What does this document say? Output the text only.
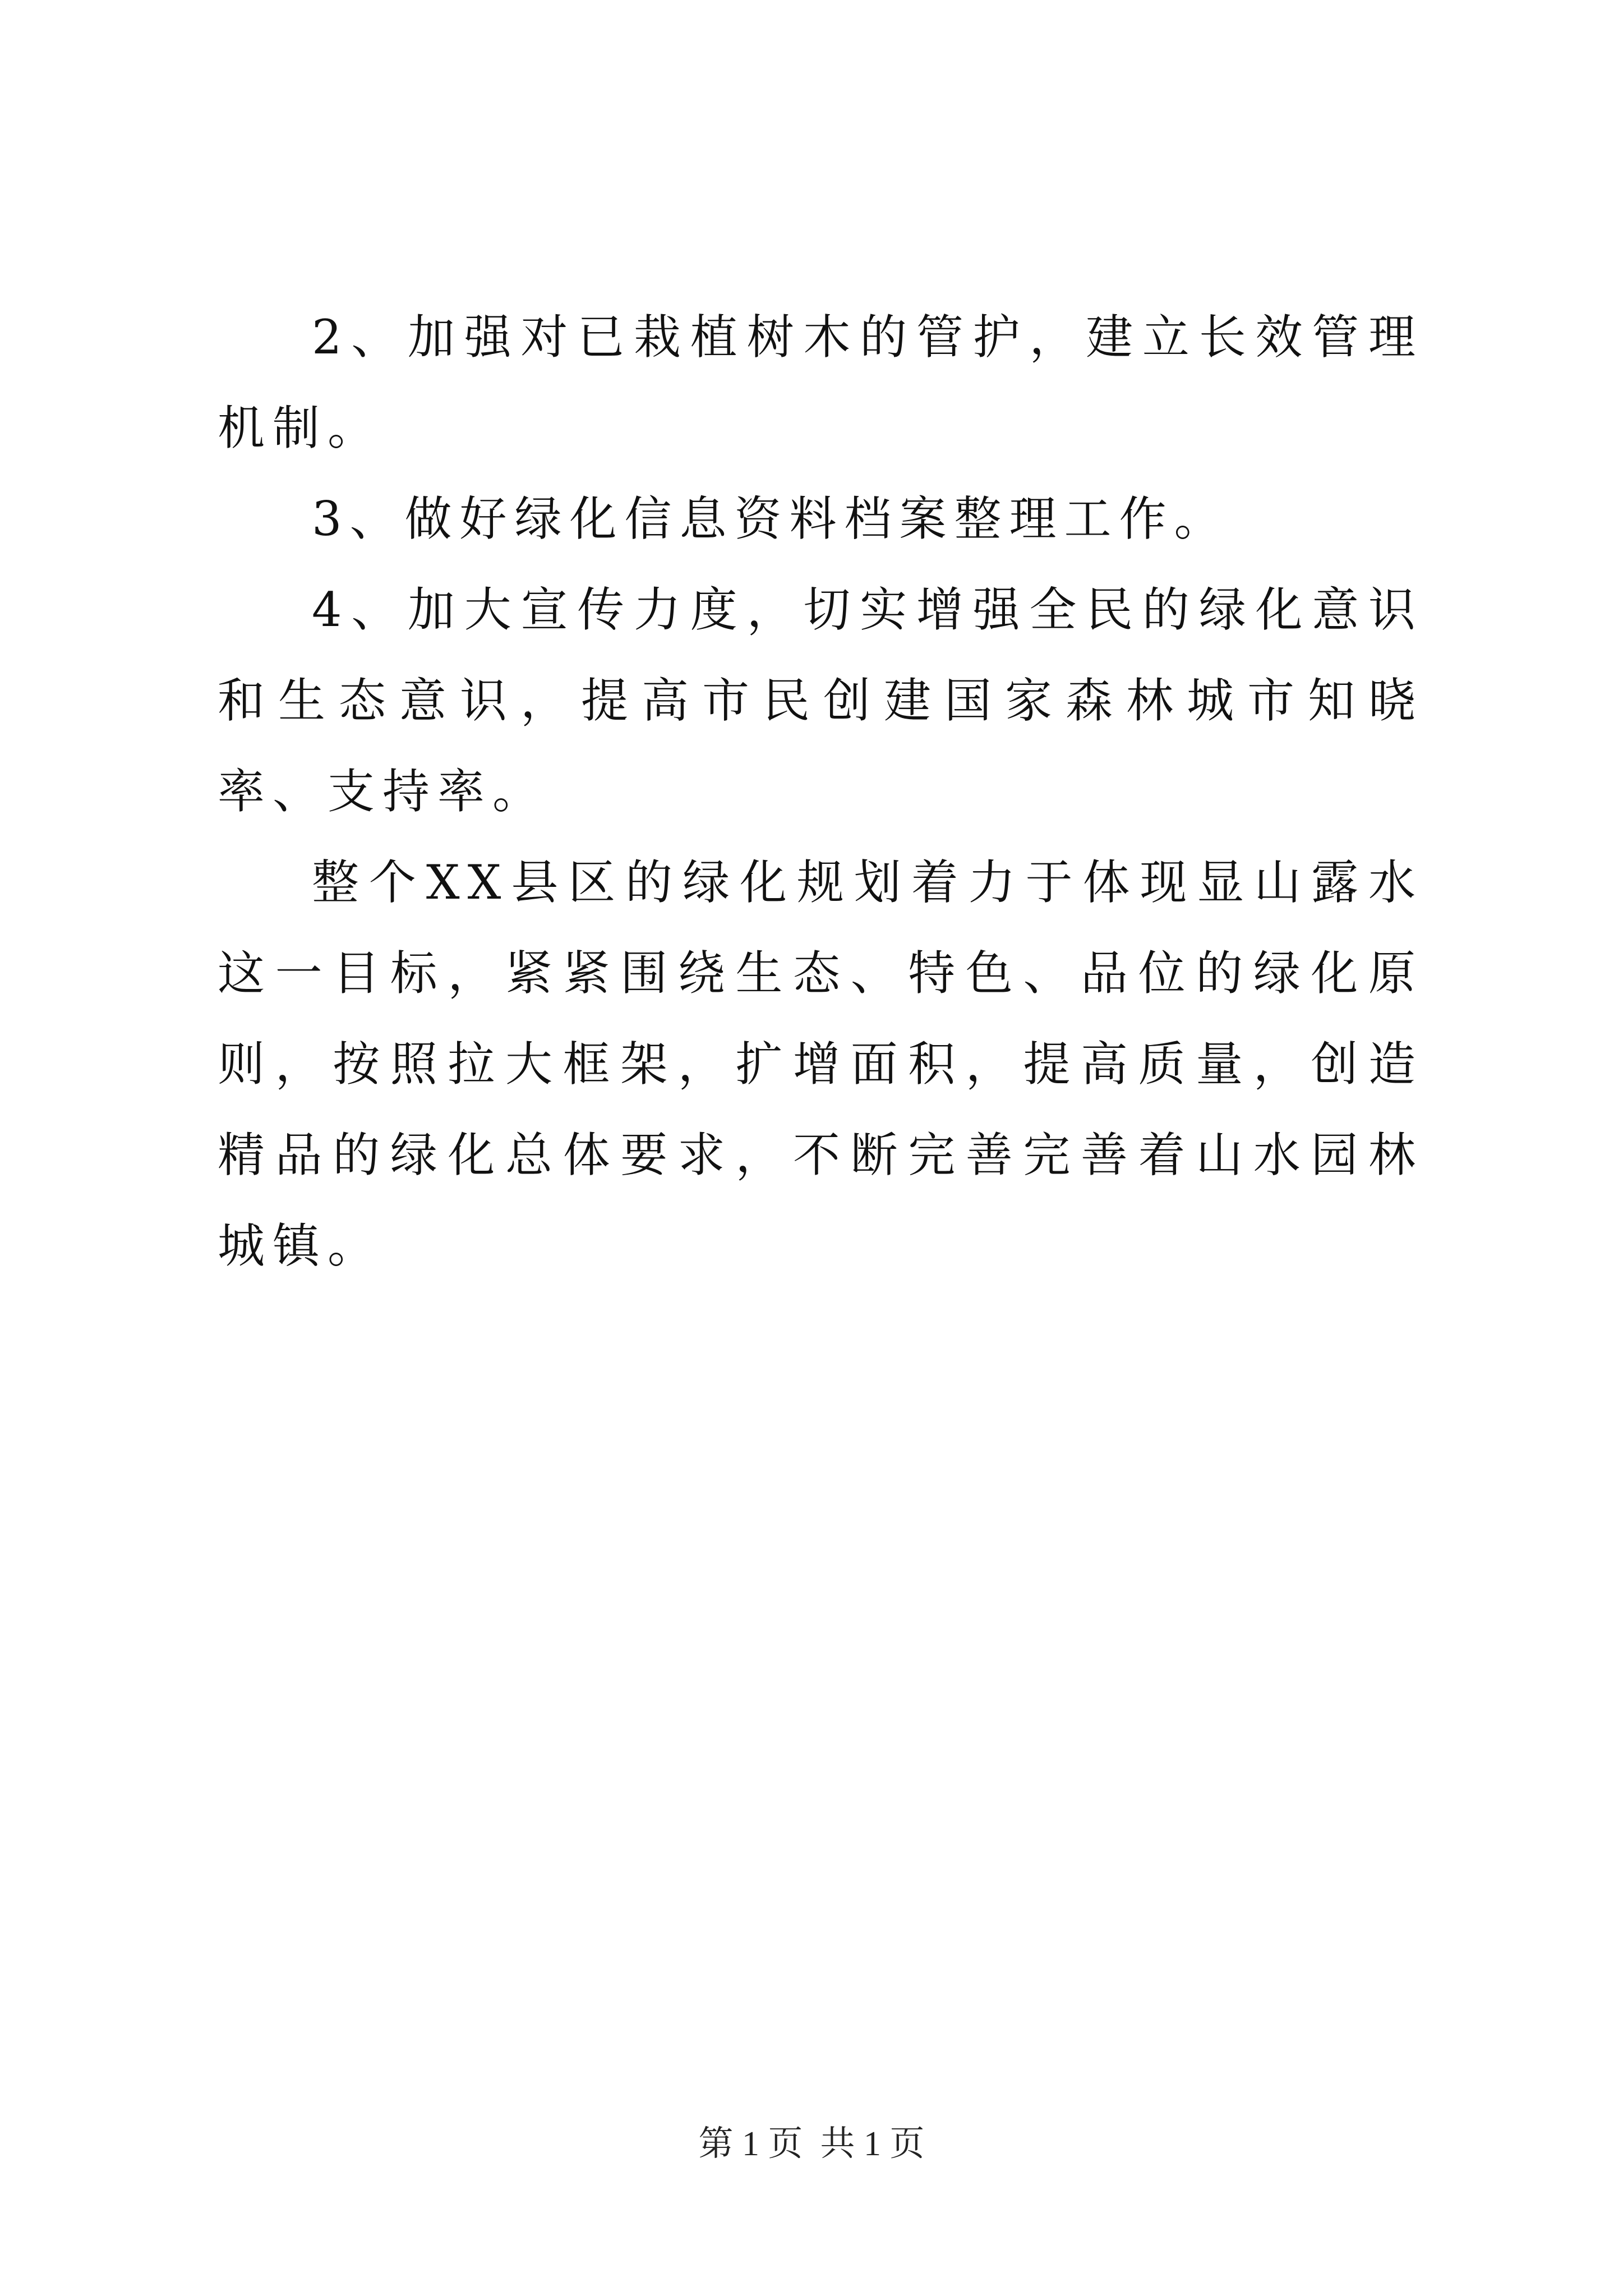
2、加强对已栽植树木的管护，建立长效管理机制。

3、做好绿化信息资料档案整理工作。

4、加大宣传力度，切实增强全民的绿化意识和生态意识，提高市民创建国家森林城市知晓率、支持率。

整个XX县区的绿化规划着力于体现显山露水这一目标，紧紧围绕生态、特色、品位的绿化原则，按照拉大框架，扩增面积，提高质量，创造精品的绿化总体要求，不断完善完善着山水园林城镇。

第 1 页  共 1 页
